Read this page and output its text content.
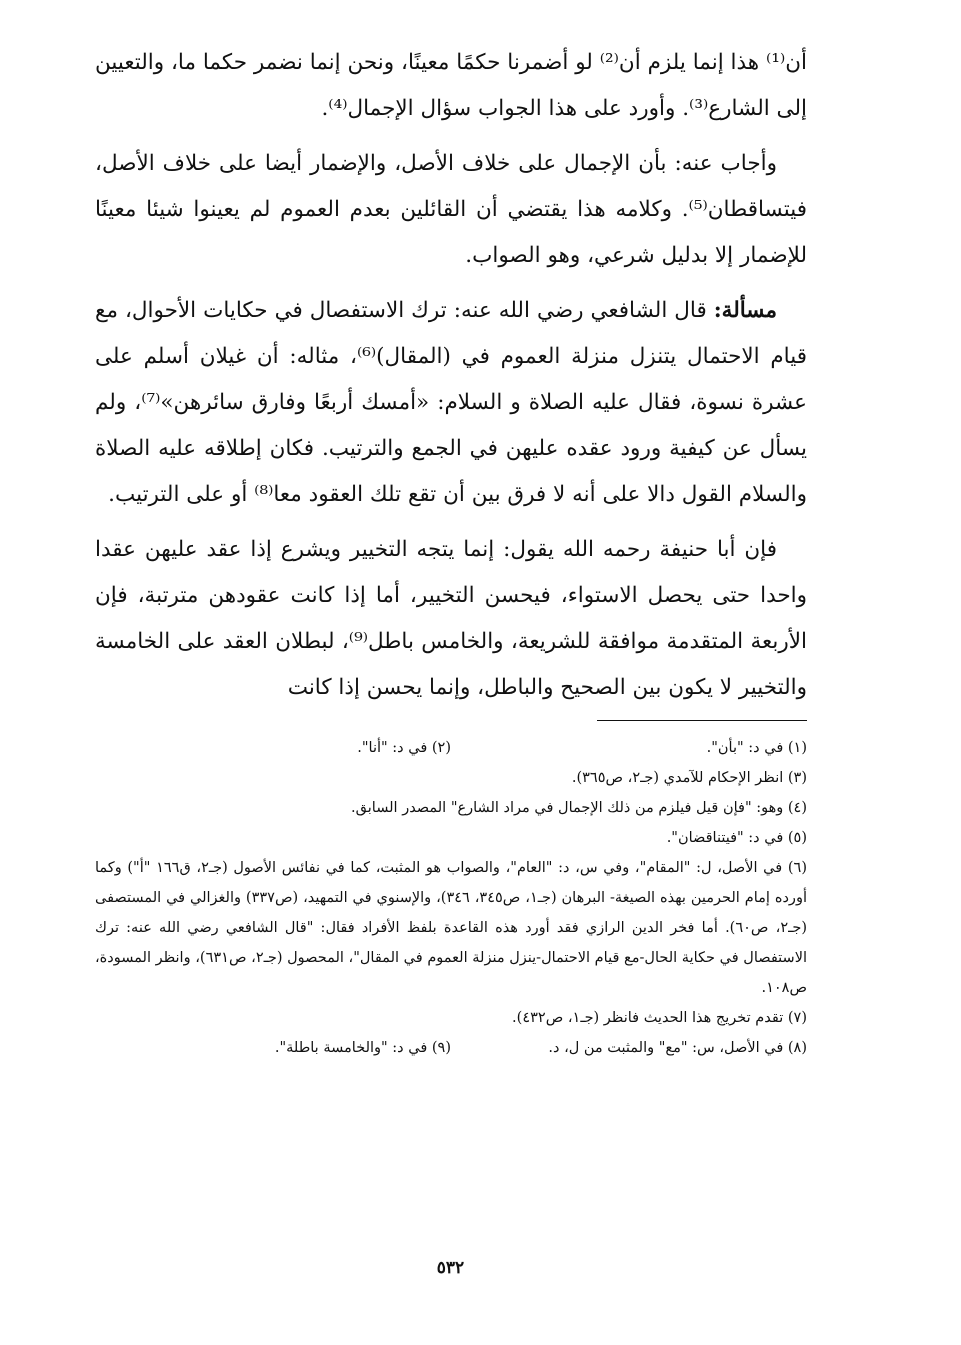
أن⁽¹⁾ هذا إنما يلزم أن⁽²⁾ لو أضمرنا حكمًا معينًا، ونحن إنما نضمر حكما ما، والتعيين إلى الشارع⁽³⁾. وأورد على هذا الجواب سؤال الإجمال⁽⁴⁾.

وأجاب عنه: بأن الإجمال على خلاف الأصل، والإضمار أيضا على خلاف الأصل، فيتساقطان⁽⁵⁾. وكلامه هذا يقتضي أن القائلين بعدم العموم لم يعينوا شيئا معينًا للإضمار إلا بدليل شرعي، وهو الصواب.

مسألة: قال الشافعي رضي الله عنه: ترك الاستفصال في حكايات الأحوال، مع قيام الاحتمال يتنزل منزلة العموم في (المقال)⁽⁶⁾، مثاله: أن غيلان أسلم على عشرة نسوة، فقال عليه الصلاة و السلام: «أمسك أربعًا وفارق سائرهن»⁽⁷⁾، ولم يسأل عن كيفية ورود عقده عليهن في الجمع والترتيب. فكان إطلاقه عليه الصلاة والسلام القول دالا على أنه لا فرق بين أن تقع تلك العقود معا⁽⁸⁾ أو على الترتيب.

فإن أبا حنيفة رحمه الله يقول: إنما يتجه التخيير ويشرع إذا عقد عليهن عقدا واحدا حتى يحصل الاستواء، فيحسن التخيير، أما إذا كانت عقودهن مترتبة، فإن الأربعة المتقدمة موافقة للشريعة، والخامس باطل⁽⁹⁾، لبطلان العقد على الخامسة والتخيير لا يكون بين الصحيح والباطل، وإنما يحسن إذا كانت

(١) في د: "بأن".
(٢) في د: "أنا".

(٣) انظر الإحكام للآمدي (جـ٢، ص٣٦٥).

(٤) وهو: "فإن قيل فيلزم من ذلك الإجمال في مراد الشارع" المصدر السابق.

(٥) في د: "فيتناقضان".

(٦) في الأصل، ل: "المقام"، وفي س، د: "العام"، والصواب هو المثبت، كما في نفائس الأصول (جـ٢، ق١٦٦ "أ") وكما أورده إمام الحرمين بهذه الصيغة- البرهان (جـ١، ص٣٤٥، ٣٤٦)، والإسنوي في التمهيد، (ص٣٣٧) والغزالي في المستصفى (جـ٢، ص٦٠). أما فخر الدين الرازي فقد أورد هذه القاعدة بلفظ الأفراد فقال: "قال الشافعي رضي الله عنه: ترك الاستفصال في حكاية الحال-مع قيام الاحتمال-ينزل منزلة العموم في المقال"، المحصول (جـ٢، ص٦٣١)، وانظر المسودة، ص١٠٨.

(٧) تقدم تخريج هذا الحديث فانظر (جـ١، ص٤٣٢).

(٨) في الأصل، س: "مع" والمثبت من ل، د.
(٩) في د: "والخامسة باطلة".
٥٣٢
